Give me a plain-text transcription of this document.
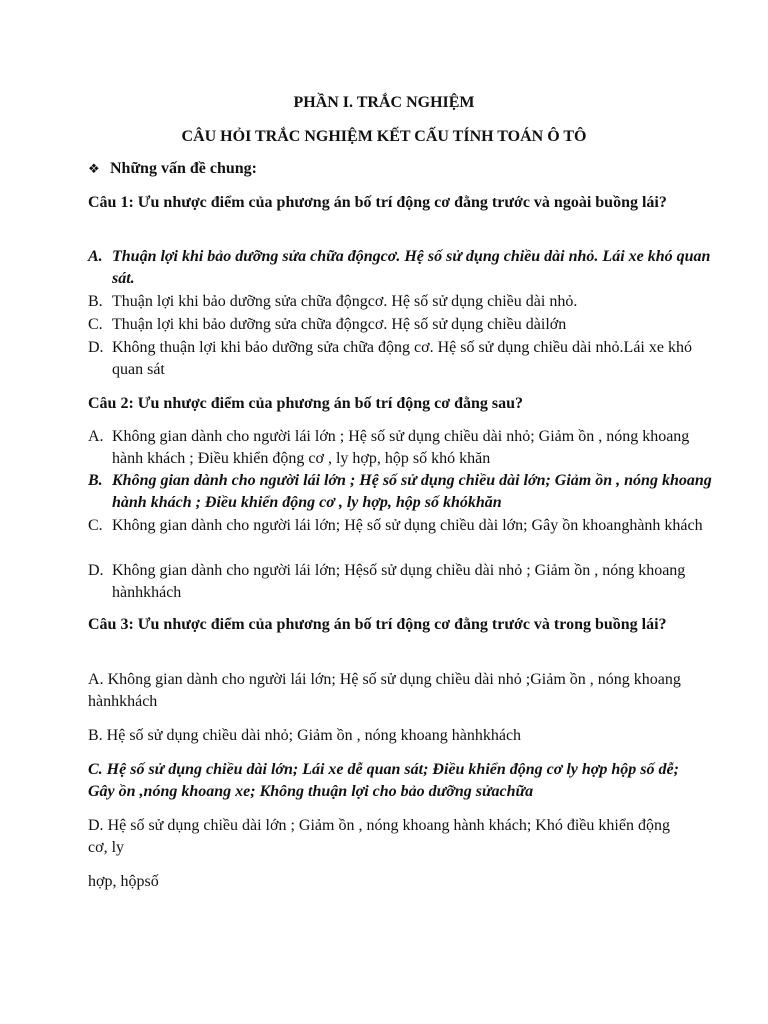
PHẦN I. TRẮC NGHIỆM
CÂU HỎI TRẮC NGHIỆM KẾT CẤU TÍNH TOÁN Ô TÔ
❖ Những vấn đề chung:

Câu 1: Ưu nhược điểm của phương án bố trí động cơ đằng trước và ngoài buồng lái?

A. Thuận lợi khi bảo dưỡng sửa chữa độngcơ. Hệ số sử dụng chiều dài nhỏ. Lái xe khó quan sát.
B. Thuận lợi khi bảo dưỡng sửa chữa độngcơ. Hệ số sử dụng chiều dài nhỏ.
C. Thuận lợi khi bảo dưỡng sửa chữa độngcơ. Hệ số sử dụng chiều dàilớn
D. Không thuận lợi khi bảo dưỡng sửa chữa động cơ. Hệ số sử dụng chiều dài nhỏ.Lái xe khó quan sát

Câu 2: Ưu nhược điểm của phương án bố trí động cơ đằng sau?

A. Không gian dành cho người lái lớn ; Hệ số sử dụng chiều dài nhỏ; Giảm ồn , nóng khoang hành khách ; Điều khiển động cơ , ly hợp, hộp số khó khăn
B. Không gian dành cho người lái lớn ; Hệ số sử dụng chiều dài lớn; Giảm ồn , nóng khoang hành khách ; Điều khiển động cơ , ly hợp, hộp số khókhăn
C. Không gian dành cho người lái lớn; Hệ số sử dụng chiều dài lớn; Gây ồn khoanghành khách
D. Không gian dành cho người lái lớn; Hệsố sử dụng chiều dài nhỏ ; Giảm ồn , nóng khoang hànhkhách

Câu 3: Ưu nhược điểm của phương án bố trí động cơ đằng trước và trong buồng lái?

A. Không gian dành cho người lái lớn; Hệ số sử dụng chiều dài nhỏ ;Giảm ồn , nóng khoang hànhkhách

B. Hệ số sử dụng chiều dài nhỏ; Giảm ồn , nóng khoang hànhkhách

C. Hệ số sử dụng chiều dài lớn; Lái xe dễ quan sát; Điều khiển động cơ ly hợp hộp số dễ; Gây ồn ,nóng khoang xe; Không thuận lợi cho bảo dưỡng sửachữa

D. Hệ số sử dụng chiều dài lớn ; Giảm ồn , nóng khoang hành khách; Khó điều khiển động cơ, ly

hợp, hộpsố
